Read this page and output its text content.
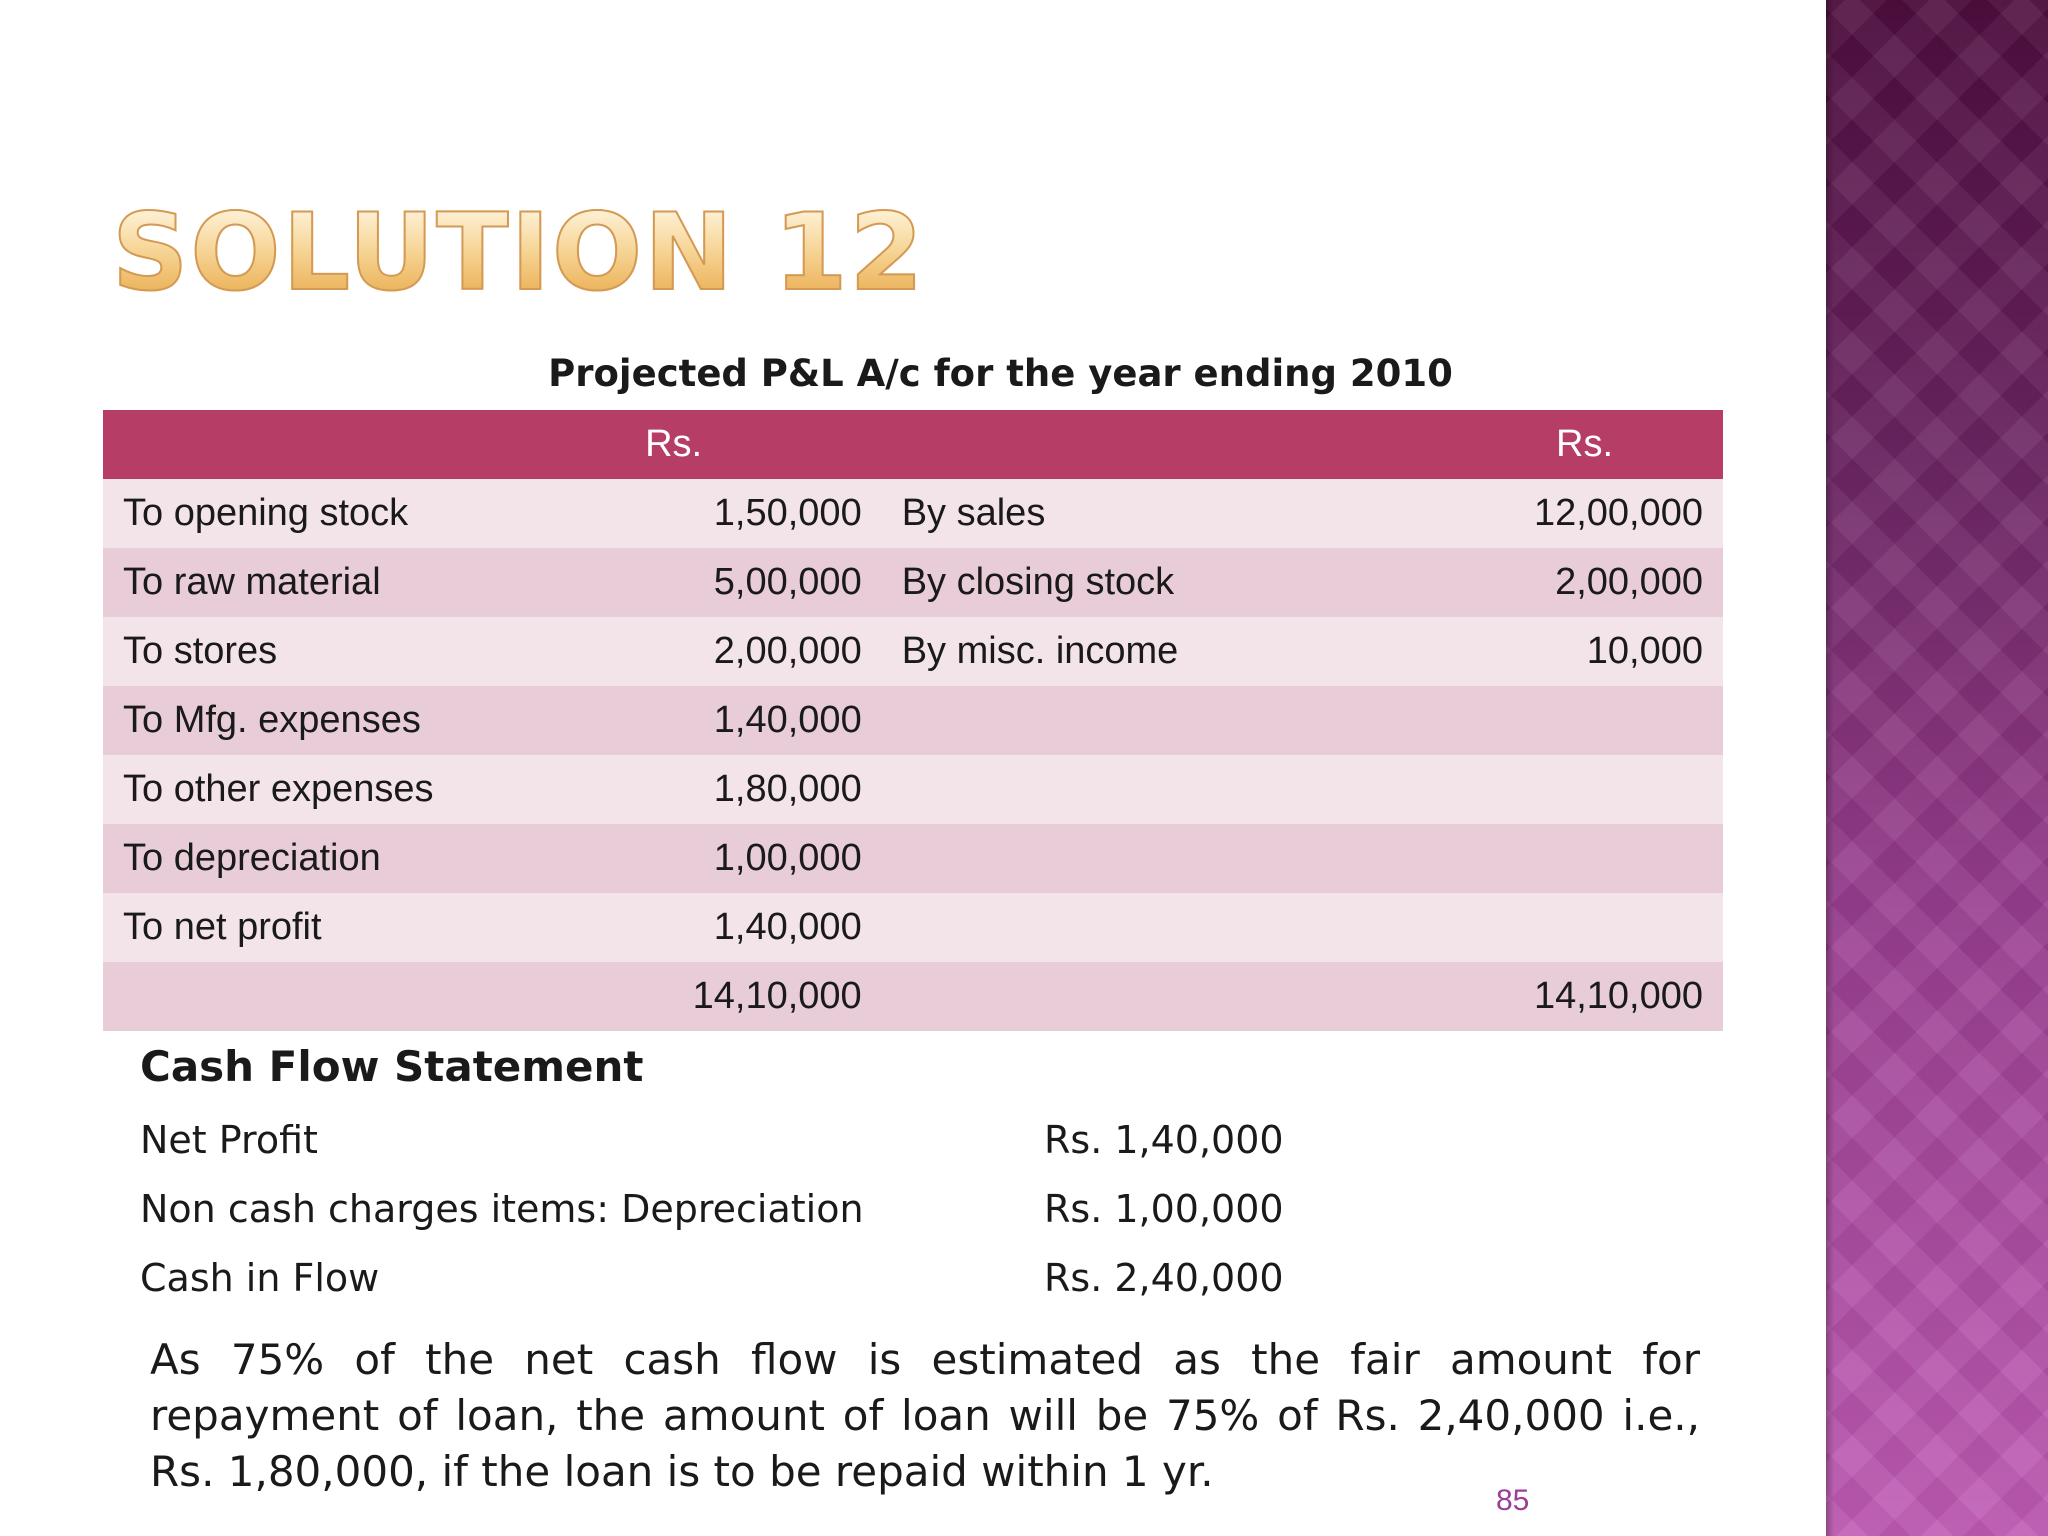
SOLUTION 12
Projected P&L A/c for the year ending 2010
	Rs.		Rs.
To opening stock	1,50,000	By sales	12,00,000
To raw material	5,00,000	By closing stock	2,00,000
To stores	2,00,000	By misc. income	10,000
To Mfg. expenses	1,40,000		
To other expenses	1,80,000		
To depreciation	1,00,000		
To net profit	1,40,000		
	14,10,000		14,10,000
Cash Flow Statement
Net Profit	Rs. 1,40,000
Non cash charges items: Depreciation	Rs. 1,00,000
Cash in Flow	Rs. 2,40,000

As 75% of the net cash flow is estimated as the fair amount for repayment of loan, the amount of loan will be 75% of Rs. 2,40,000 i.e., Rs. 1,80,000, if the loan is to be repaid within 1 yr.

85
